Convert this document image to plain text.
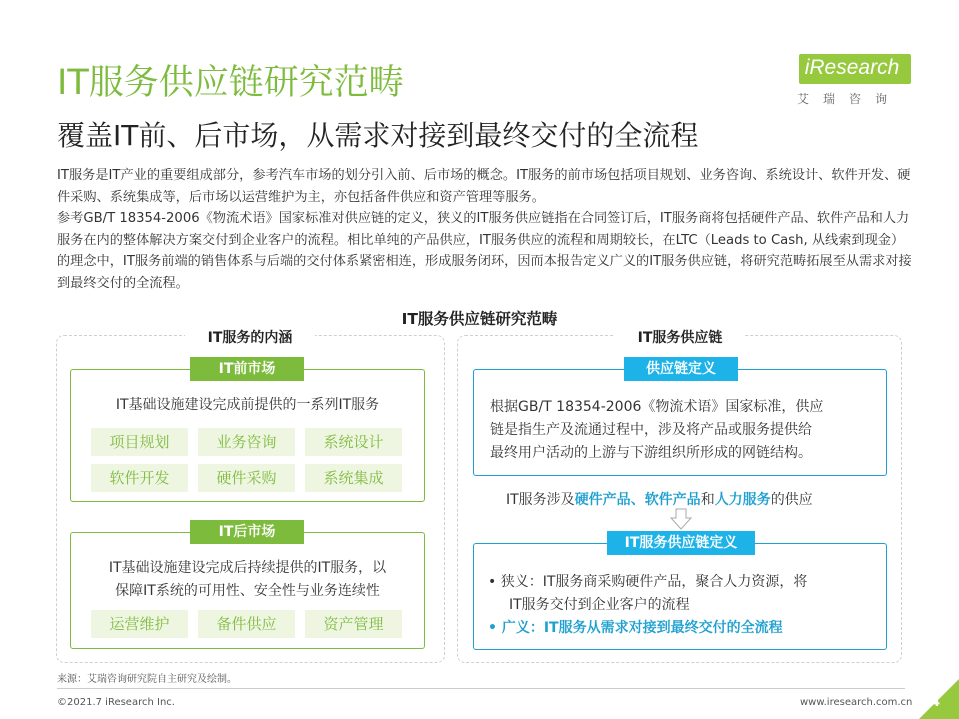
IT服务供应链研究范畴
覆盖IT前、后市场，从需求对接到最终交付的全流程
iResearch
艾瑞咨询

IT服务是IT产业的重要组成部分，参考汽车市场的划分引入前、后市场的概念。IT服务的前市场包括项目规划、业务咨询、系统设计、软件开发、硬件采购、系统集成等，后市场以运营维护为主，亦包括备件供应和资产管理等服务。

参考GB/T 18354-2006《物流术语》国家标准对供应链的定义，狭义的IT服务供应链指在合同签订后，IT服务商将包括硬件产品、软件产品和人力服务在内的整体解决方案交付到企业客户的流程。相比单纯的产品供应，IT服务供应的流程和周期较长，在LTC（Leads to Cash, 从线索到现金）的理念中，IT服务前端的销售体系与后端的交付体系紧密相连，形成服务闭环，因而本报告定义广义的IT服务供应链，将研究范畴拓展至从需求对接到最终交付的全流程。

IT服务供应链研究范畴
IT服务的内涵
IT前市场
IT基础设施建设完成前提供的一系列IT服务
项目规划	业务咨询	系统设计
软件开发	硬件采购	系统集成
IT后市场
IT基础设施建设完成后持续提供的IT服务，以
保障IT系统的可用性、安全性与业务连续性
运营维护	备件供应	资产管理
IT服务供应链
供应链定义
根据GB/T 18354-2006《物流术语》国家标准，供应
链是指生产及流通过程中，涉及将产品或服务提供给
最终用户活动的上游与下游组织所形成的网链结构。
IT服务涉及硬件产品、软件产品和人力服务的供应
IT服务供应链定义
• 狭义：IT服务商采购硬件产品，聚合人力资源，将
IT服务交付到企业客户的流程
• 广义：IT服务从需求对接到最终交付的全流程
来源：艾瑞咨询研究院自主研究及绘制。
©2021.7 iResearch Inc.	www.iresearch.com.cn 4
